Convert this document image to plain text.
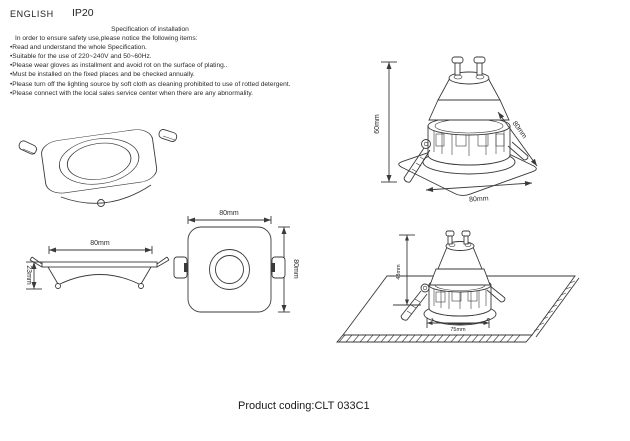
ENGLISH IP20
Specification of installation
In order to ensure safety use,please notice the following items:
•Read and understand the whole Specification.
•Suitable for the use of 220~240V and 50~60Hz.
•Please wear gloves as installment and avoid rot on the surface of plating..
•Must be installed on the fixed places and be checked annually.
•Please turn off the lighting source by soft cloth as cleaning prohibited to use of rotted detergent.
•Please connect with the local sales service center when there are any abnormality.
60mm
80mm
80mm
80mm
23mm
80mm
80mm	43mm
75mm
Product coding:CLT 033C1
